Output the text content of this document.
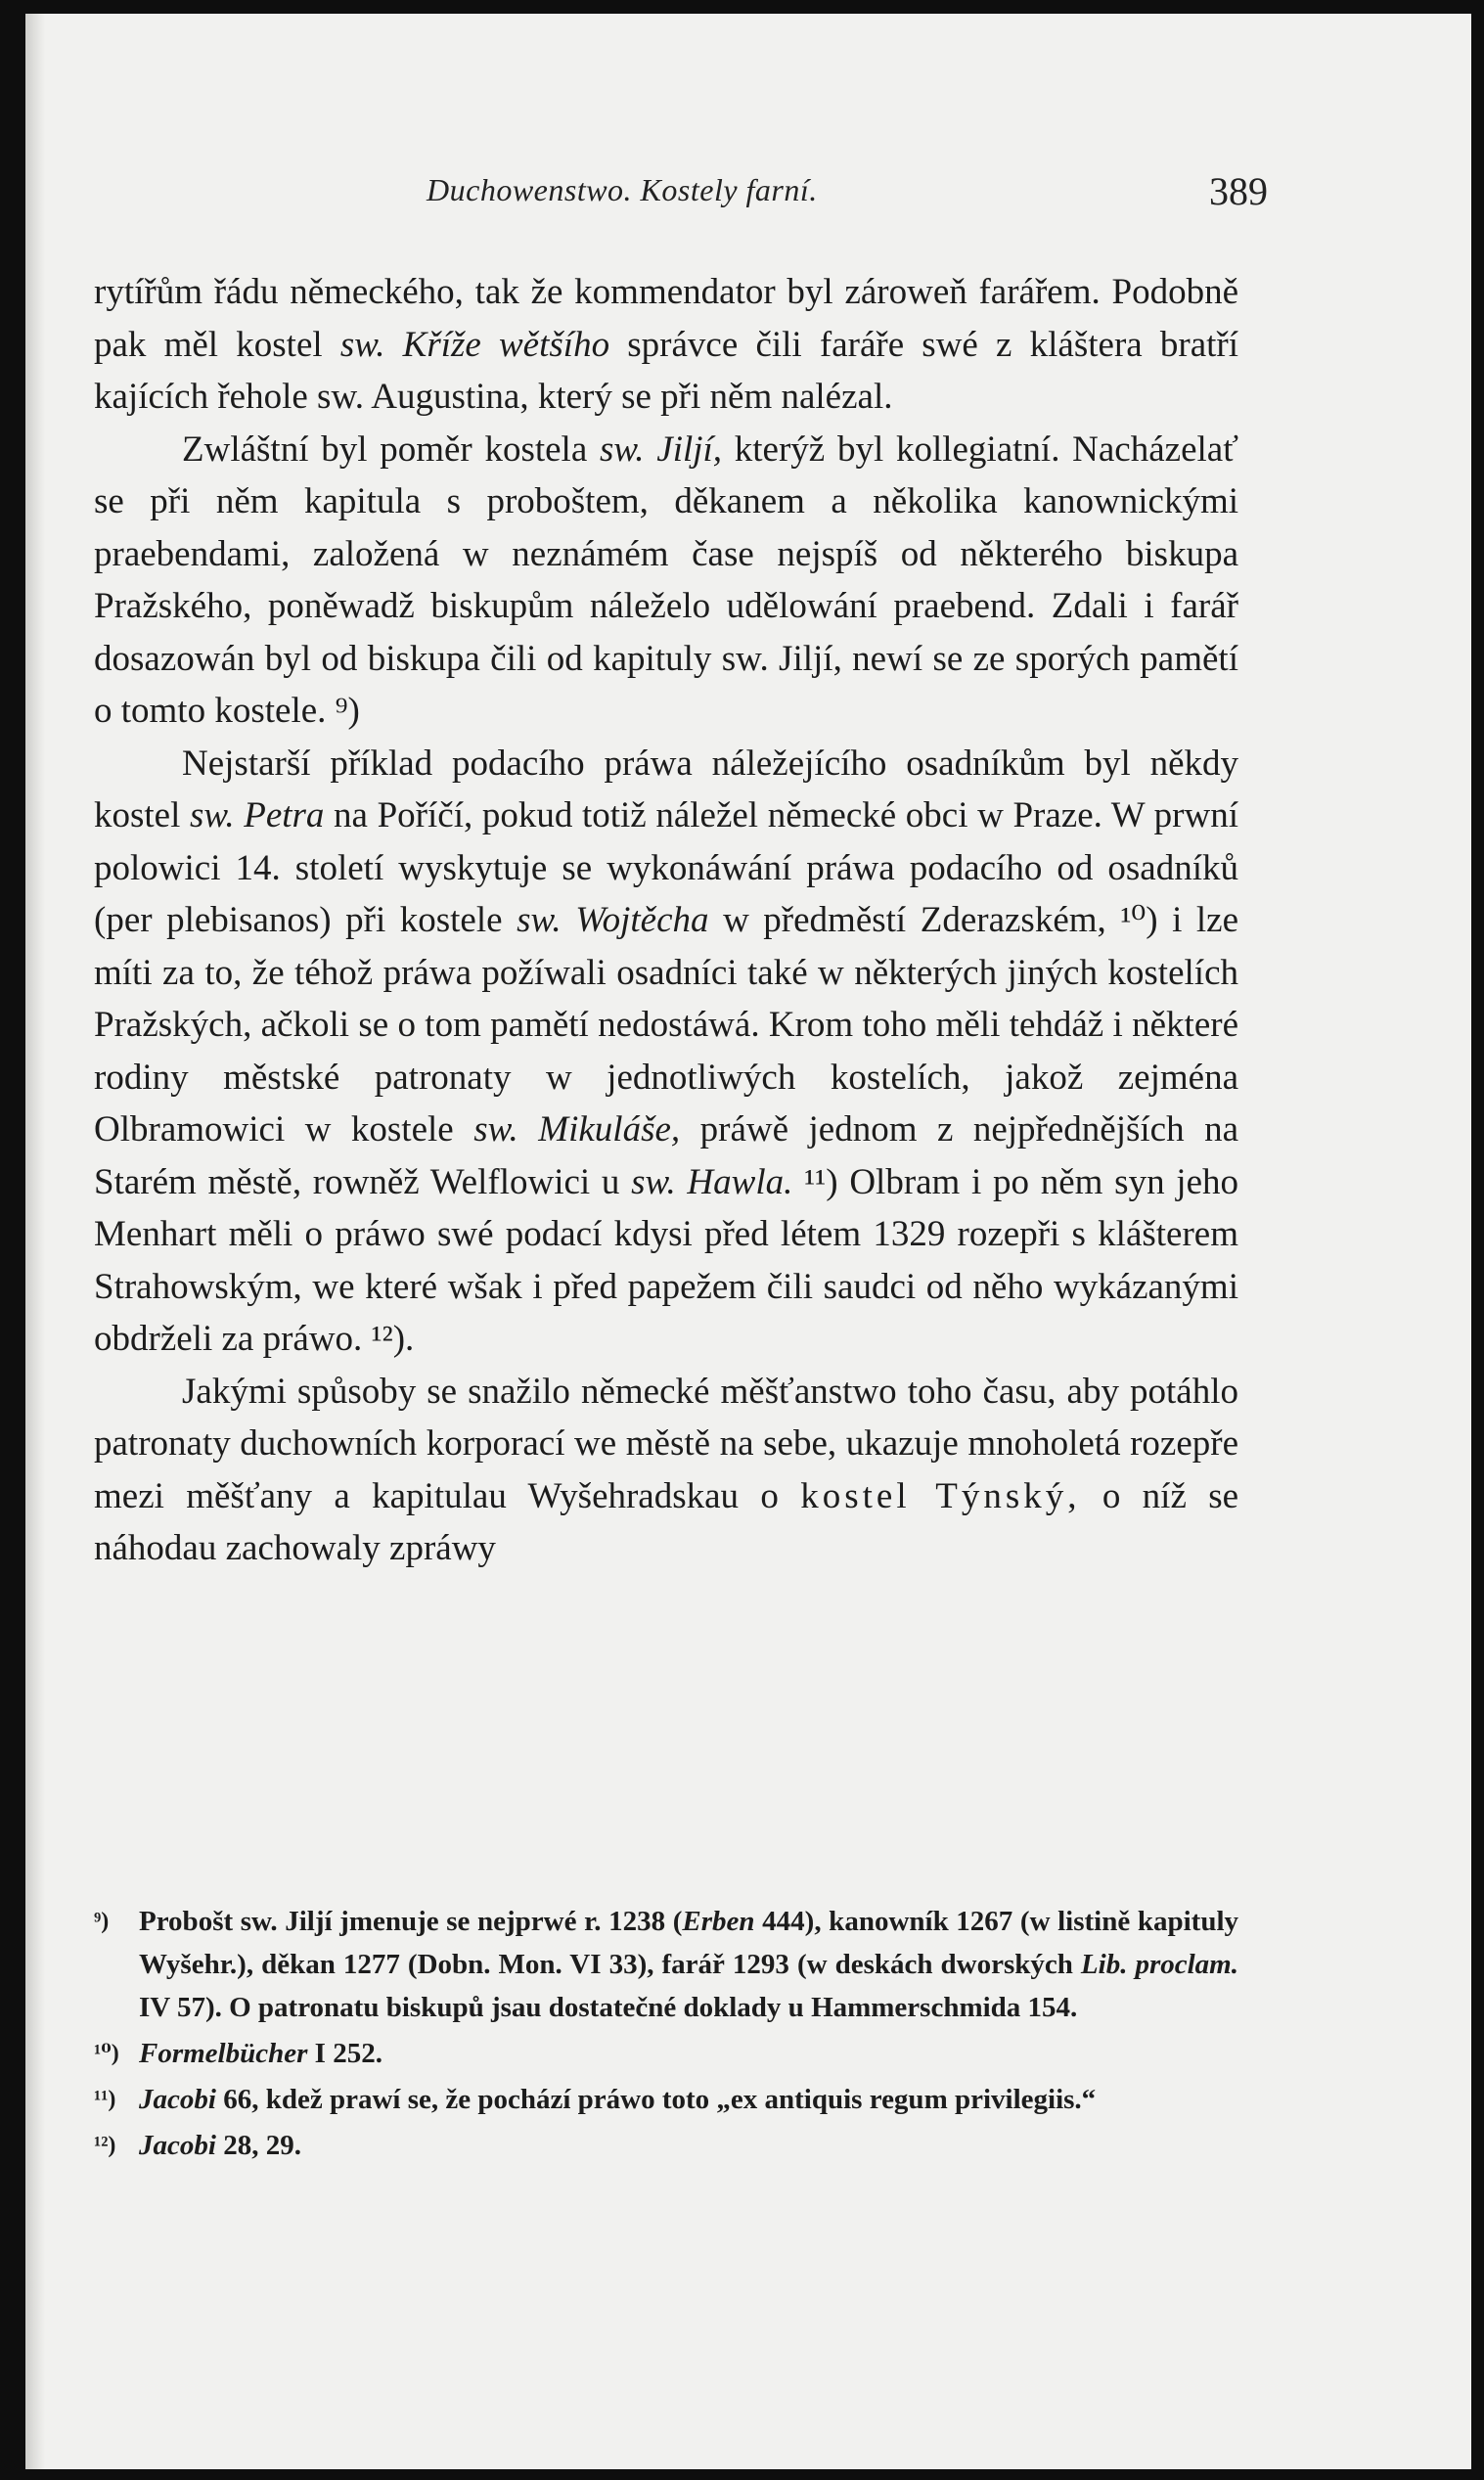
Duchowenstwo. Kostely farní.	389

rytířům řádu německého, tak že kommendator byl zároweň farářem. Podobně pak měl kostel sw. Kříže wětšího správce čili faráře swé z kláštera bratří kajících řehole sw. Augustina, který se při něm nalézal.

Zwláštní byl poměr kostela sw. Jiljí, kterýž byl kollegiatní. Nacházelať se při něm kapitula s proboštem, děkanem a několika kanownickými praebendami, založená w neznámém čase nejspíš od některého biskupa Pražského, poněwadž biskupům náleželo udělowání praebend. Zdali i farář dosazowán byl od biskupa čili od kapituly sw. Jiljí, newí se ze sporých pamětí o tomto kostele. ⁹)

Nejstarší příklad podacího práwa náležejícího osadníkům byl někdy kostel sw. Petra na Poříčí, pokud totiž náležel německé obci w Praze. W prwní polowici 14. století wyskytuje se wykonáwání práwa podacího od osadníků (per plebisanos) při kostele sw. Wojtěcha w předměstí Zderazském, ¹⁰) i lze míti za to, že téhož práwa požíwali osadníci také w některých jiných kostelích Pražských, ačkoli se o tom pamětí nedostáwá. Krom toho měli tehdáž i některé rodiny městské patronaty w jednotliwých kostelích, jakož zejména Olbramowici w kostele sw. Mikuláše, práwě jednom z nejpřednějších na Starém městě, rowněž Welflowici u sw. Hawla. ¹¹) Olbram i po něm syn jeho Menhart měli o práwo swé podací kdysi před létem 1329 rozepři s klášterem Strahowským, we které wšak i před papežem čili saudci od něho wykázanými obdrželi za práwo. ¹²).

Jakými spůsoby se snažilo německé měšťanstwo toho času, aby potáhlo patronaty duchowních korporací we městě na sebe, ukazuje mnoholetá rozepře mezi měšťany a kapitulau Wyšehradskau o kostel Týnský, o níž se náhodau zachowaly zpráwy

⁹) Probošt sw. Jiljí jmenuje se nejprwé r. 1238 (Erben 444), kanowník 1267 (w listině kapituly Wyšehr.), děkan 1277 (Dobn. Mon. VI 33), farář 1293 (w deskách dworských Lib. proclam. IV 57). O patronatu biskupů jsau dostatečné doklady u Hammerschmida 154.
¹⁰) Formelbücher I 252.
¹¹) Jacobi 66, kdež prawí se, že pochází práwo toto „ex antiquis regum privilegiis.“
¹²) Jacobi 28, 29.
